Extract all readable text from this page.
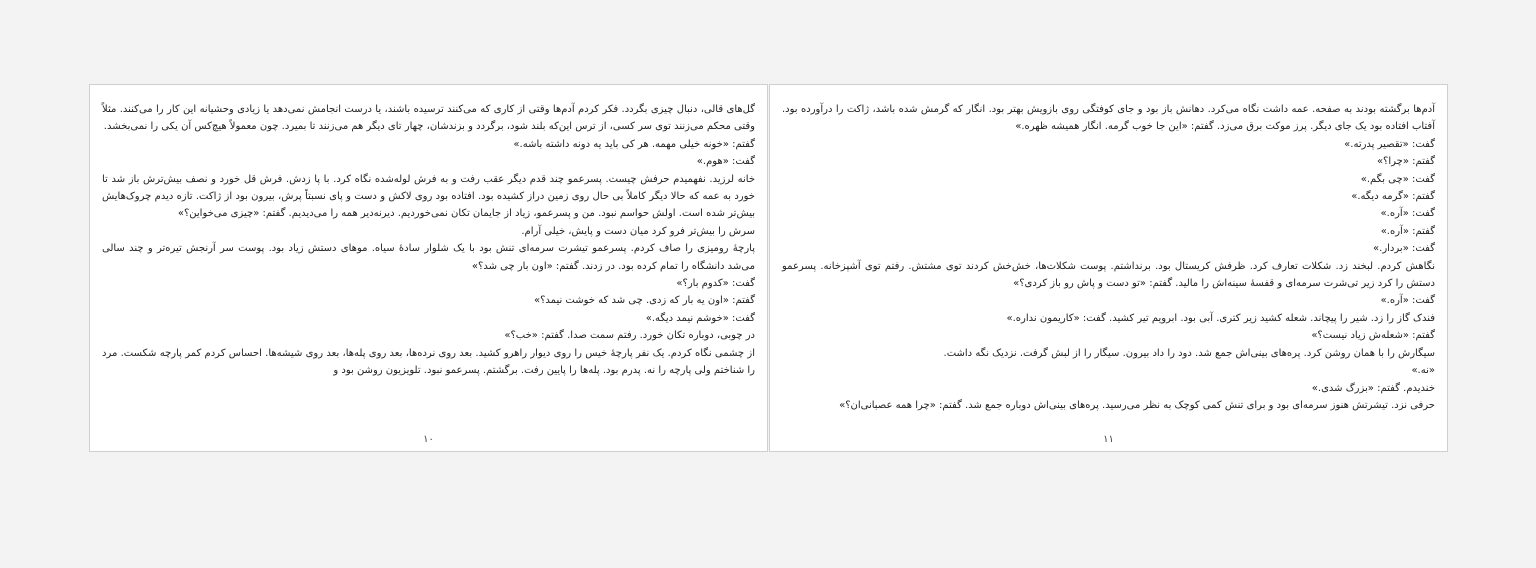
آدم‌ها برگشته بودند به صفحه. عمه داشت نگاه می‌کرد. دهانش باز بود و جای کوفتگی روی بازویش بهتر بود. انگار که گرمش شده باشد، ژاکت را درآورده بود. آفتاب افتاده بود یک جای دیگر. پرز موکت برق می‌زد. گفتم: «این جا خوب گرمه. انگار همیشه ظهره.»

گفت: «تقصیر پدرته.»

گفتم: «چرا؟»

گفت: «چی بگم.»

گفتم: «گرمه دیگه.»

گفت: «آره.»

گفتم: «آره.»

گفت: «بردار.»

نگاهش کردم. لبخند زد. شکلات تعارف کرد. ظرفش کریستال بود. برنداشتم. پوست شکلات‌ها، خش‌خش کردند توی مشتش. رفتم توی آشپزخانه. پسرعمو دستش را کرد زیر تی‌شرت سرمه‌ای و قفسهٔ سینه‌اش را مالید. گفتم: «تو دست و پاش رو باز کردی؟»

گفت: «آره.»

فندک گاز را زد. شیر را پیچاند. شعله کشید زیر کتری. آبی بود. ابرویم تیر کشید. گفت: «کاریمون نداره.»

گفتم: «شعله‌ش زیاد نیست؟»

سیگارش را با همان روشن کرد. پره‌های بینی‌اش جمع شد. دود را داد بیرون. سیگار را از لبش گرفت. نزدیک نگه داشت.

«نه.»

خندیدم. گفتم: «بزرگ شدی.»

حرفی نزد. تیشرتش هنوز سرمه‌ای بود و برای تنش کمی کوچک به نظر می‌رسید. پره‌های بینی‌اش دوباره جمع شد. گفتم: «چرا همه عصبانی‌ان؟»

۱۱

گل‌های قالی، دنبال چیزی بگردد. فکر کردم آدم‌ها وقتی از کاری که می‌کنند ترسیده باشند، یا درست انجامش نمی‌دهد یا زیادی وحشیانه این کار را می‌کنند. مثلاً وقتی محکم می‌زنند توی سر کسی، از ترس این‌که بلند شود، برگردد و بزندشان، چهار تای دیگر هم می‌زنند تا بمیرد. چون معمولاً هیچ‌کس آن یکی را نمی‌بخشد.

گفتم: «خونه خیلی مهمه. هر کی باید یه دونه داشته باشه.»

گفت: «هوم.»

خانه لرزید. نفهمیدم حرفش چیست. پسرعمو چند قدم دیگر عقب رفت و به فرش لوله‌شده نگاه کرد. با پا زدش. فرش قل خورد و نصف بیش‌ترش باز شد تا خورد به عمه که حالا دیگر کاملاً بی حال روی زمین دراز کشیده بود. افتاده بود روی لاکش و دست و پای نسبتاً پرش، بیرون بود از ژاکت. تازه دیدم چروک‌هایش بیش‌تر شده است. اولش حواسم نبود. من و پسرعمو، زیاد از جایمان تکان نمی‌خوردیم. دیرنه‌دیر همه را می‌دیدیم. گفتم: «چیزی می‌خواین؟»

سرش را بیش‌تر فرو کرد میان دست و پایش، خیلی آرام.

پارچهٔ رومیزی را صاف کردم. پسرعمو تیشرت سرمه‌ای تنش بود با یک شلوار سادهٔ سیاه. موهای دستش زیاد بود. پوست سر آرنجش تیره‌تر و چند سالی می‌شد دانشگاه را تمام کرده بود. در زدند. گفتم: «اون بار چی شد؟»

گفت: «کدوم بار؟»

گفتم: «اون یه بار که زدی. چی شد که خوشت نیمد؟»

گفت: «خوشم نیمد دیگه.»

در چوبی، دوباره تکان خورد. رفتم سمت صدا. گفتم: «خب؟»

از چشمی نگاه کردم. یک نفر پارچهٔ خیس را روی دیوار راهرو کشید. بعد روی نرده‌ها، بعد روی پله‌ها، بعد روی شیشه‌ها. احساس کردم کمر پارچه شکست. مرد را شناختم ولی پارچه را نه. پدرم بود. پله‌ها را پایین رفت. برگشتم. پسرعمو نبود. تلویزیون روشن بود و

۱۰
